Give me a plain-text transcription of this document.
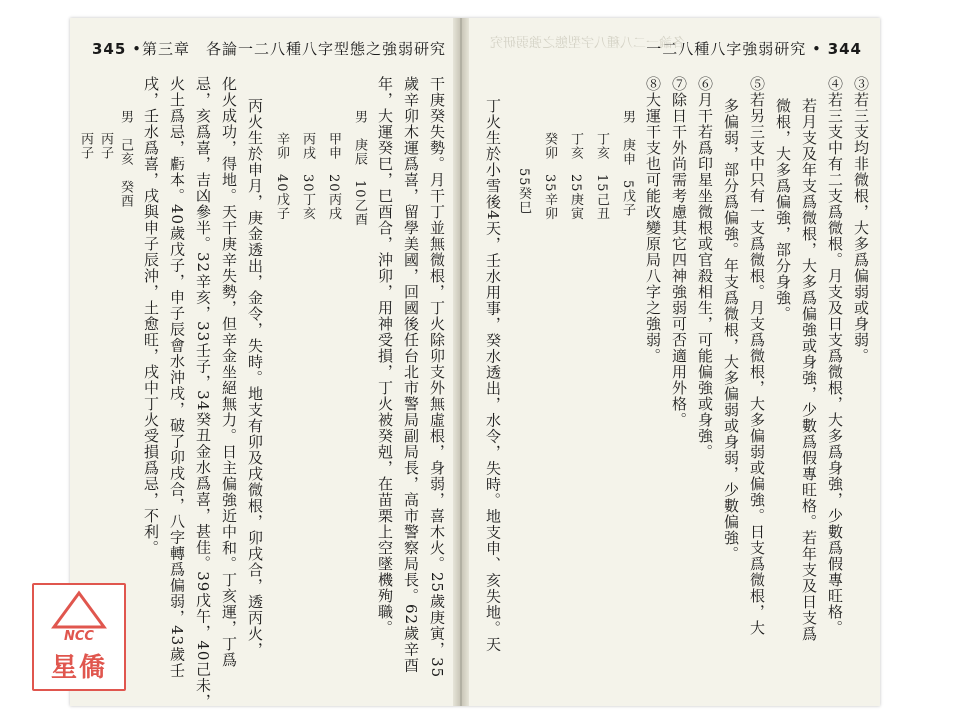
345 •第三章　各論一二八種八字型態之強弱研究
干庚癸失勢。月干丁並無微根，丁火除卯支外無虛根，身弱，喜木火。25歲庚寅，35
歲辛卯木運爲喜，留學美國，回國後任台北市警局副局長，高市警察局長。62歲辛酉
年，大運癸巳，巳酉合，沖卯，用神受損，丁火被癸剋，在苗栗上空墜機殉職。
男　庚辰　10乙酉
甲申　20丙戌
丙戌　30丁亥
辛卯　40戊子
丙火生於申月，庚金透出，金令，失時。地支有卯及戌微根，卯戌合，透丙火，
化火成功，得地。天干庚辛失勢，但辛金坐絕無力。日主偏強近中和。丁亥運，丁爲
忌，亥爲喜，吉凶參半。32辛亥，33壬子，34癸丑金水爲喜，甚佳。39戊午，40己未，
火土爲忌，虧本。40歲戊子，申子辰會水沖戌，破了卯戌合，八字轉爲偏弱，43歲壬
戌，壬水爲喜，戌與申子辰沖，土愈旺，戌中丁火受損爲忌，不利。
男　己亥　癸酉
丙子
丙子
各論一二八種八字型態之強弱研究
一二八種八字強弱研究 • 344
③若三支均非微根，大多爲偏弱或身弱。
④若三支中有二支爲微根。月支及日支爲微根，大多爲身強，少數爲假專旺格。
若月支及年支爲微根，大多爲偏強或身強，少數爲假專旺格。若年支及日支爲
微根，大多爲偏強，部分身強。
⑤若另三支中只有一支爲微根。月支爲微根，大多偏弱或偏強。日支爲微根，大
多偏弱，部分爲偏強。年支爲微根，大多偏弱或身弱，少數偏強。
⑥月干若爲印星坐微根或官殺相生，可能偏強或身強。
⑦除日干外尚需考慮其它四神強弱可否適用外格。
⑧大運干支也可能改變原局八字之強弱。
男　庚申　5戊子
丁亥　15己丑
丁亥　25庚寅
癸卯　35辛卯
55癸巳
丁火生於小雪後4天，壬水用事，癸水透出，水令，失時。地支申、亥失地。天
NCC
星僑
